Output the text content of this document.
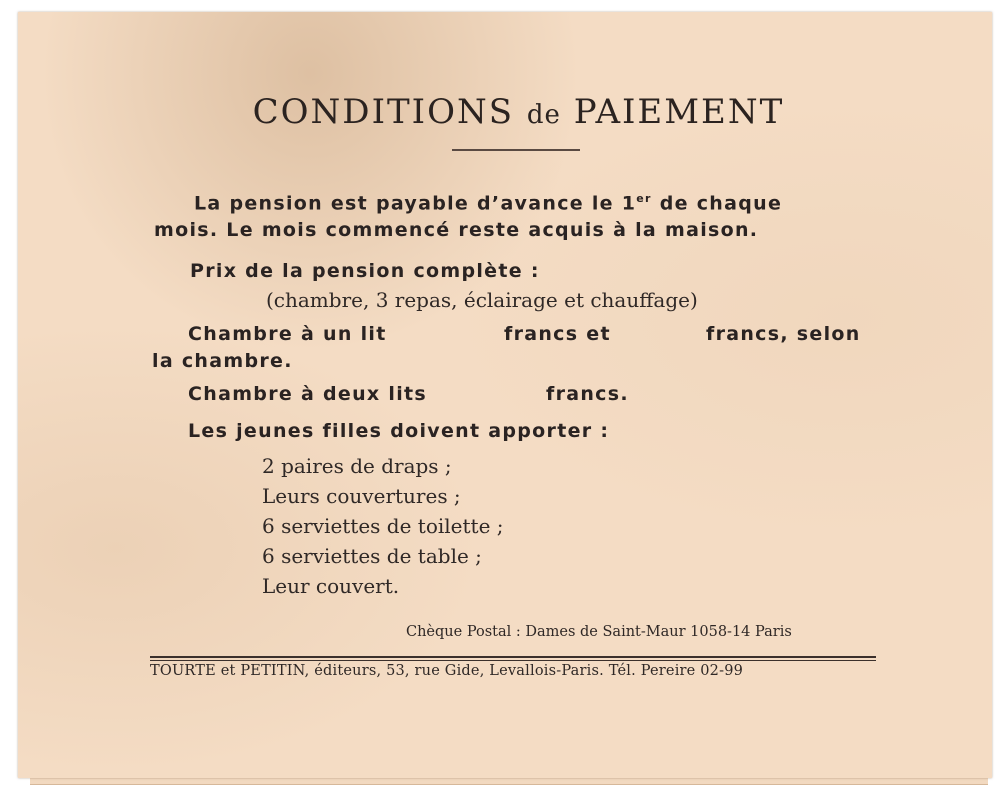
CONDITIONS de PAIEMENT
La pension est payable d’avance le 1er de chaque
mois. Le mois commencé reste acquis à la maison.
Prix de la pension complète :
(chambre, 3 repas, éclairage et chauffage)
Chambre à un lit	francs et	francs, selon
la chambre.
Chambre à deux lits	francs.
Les jeunes filles doivent apporter :
2 paires de draps ;
Leurs couvertures ;
6 serviettes de toilette ;
6 serviettes de table ;
Leur couvert.
Chèque Postal : Dames de Saint-Maur 1058-14 Paris
TOURTE et PETITIN, éditeurs, 53, rue Gide, Levallois-Paris. Tél. Pereire 02-99
